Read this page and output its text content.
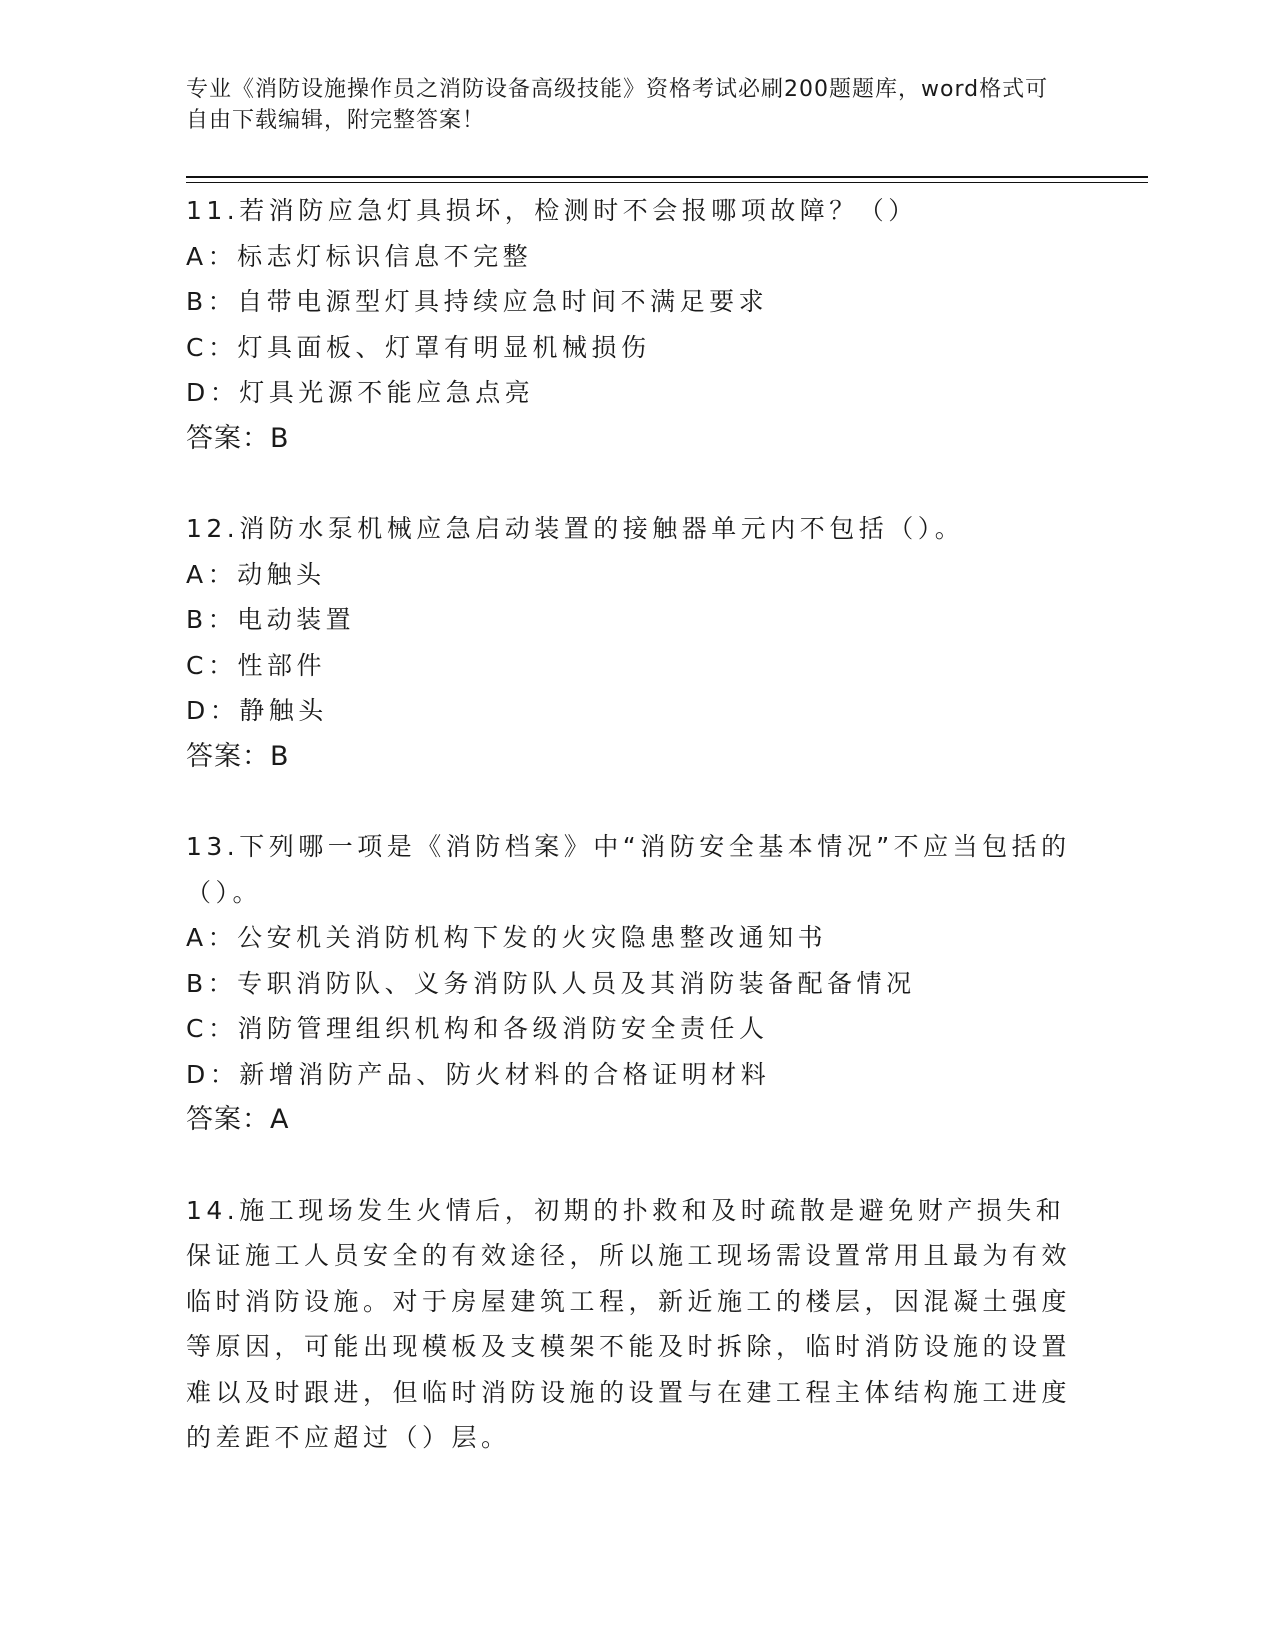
专业《消防设施操作员之消防设备高级技能》资格考试必刷200题题库，word格式可自由下载编辑，附完整答案！

11.若消防应急灯具损坏，检测时不会报哪项故障？（）

A：标志灯标识信息不完整

B：自带电源型灯具持续应急时间不满足要求

C：灯具面板、灯罩有明显机械损伤

D：灯具光源不能应急点亮

答案：B

12.消防水泵机械应急启动装置的接触器单元内不包括（）。

A：动触头

B：电动装置

C：性部件

D：静触头

答案：B

13.下列哪一项是《消防档案》中“消防安全基本情况”不应当包括的（）。

A：公安机关消防机构下发的火灾隐患整改通知书

B：专职消防队、义务消防队人员及其消防装备配备情况

C：消防管理组织机构和各级消防安全责任人

D：新增消防产品、防火材料的合格证明材料

答案：A

14.施工现场发生火情后，初期的扑救和及时疏散是避免财产损失和保证施工人员安全的有效途径，所以施工现场需设置常用且最为有效临时消防设施。对于房屋建筑工程，新近施工的楼层，因混凝土强度等原因，可能出现模板及支模架不能及时拆除，临时消防设施的设置难以及时跟进，但临时消防设施的设置与在建工程主体结构施工进度的差距不应超过（）层。
